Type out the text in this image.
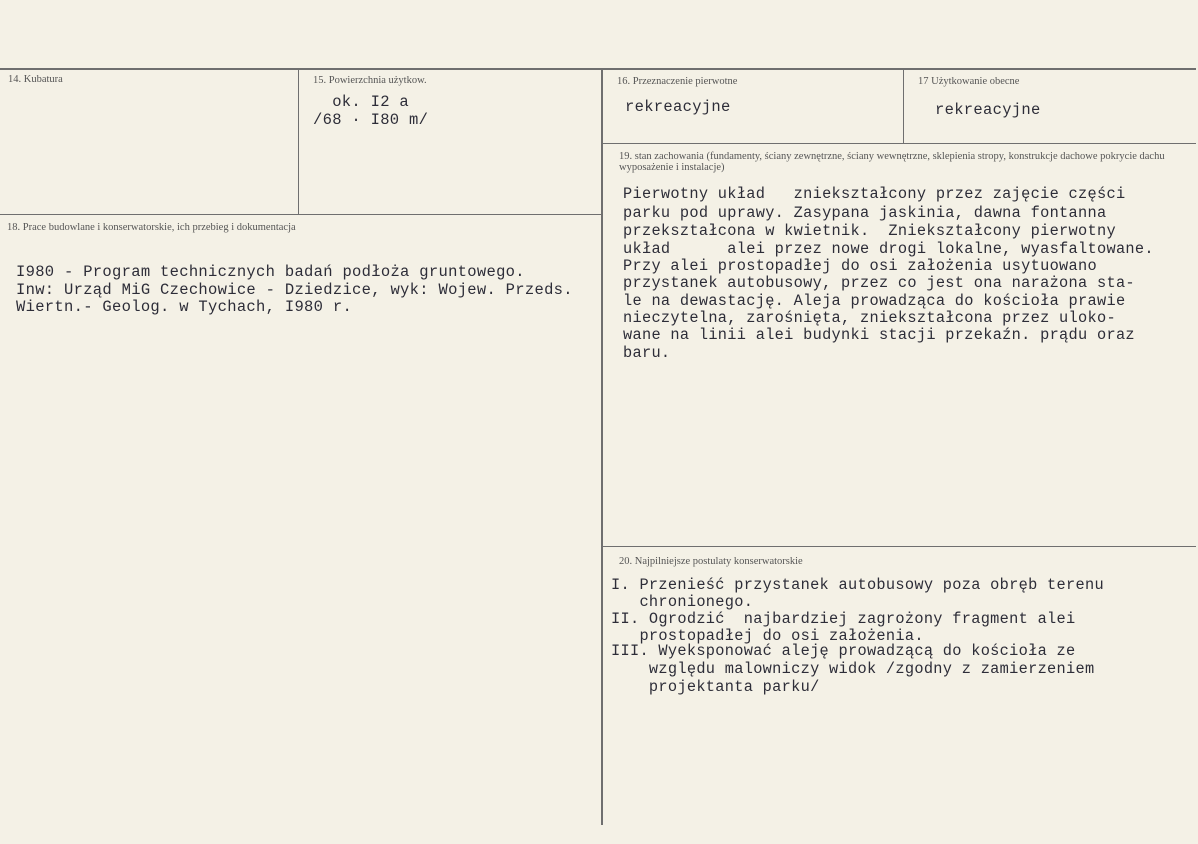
14. Kubatura	15. Powierzchnia użytkow.
ok. I2 a
/68 · I80 m/
16. Przeznaczenie pierwotne
rekreacyjne
17 Użytkowanie obecne
rekreacyjne
18. Prace budowlane i konserwatorskie, ich przebieg i dokumentacja
I980 - Program technicznych badań podłoża gruntowego.
Inw: Urząd MiG Czechowice - Dziedzice, wyk: Wojew. Przeds.
Wiertn.- Geolog. w Tychach, I980 r.
19. stan zachowania (fundamenty, ściany zewnętrzne, ściany wewnętrzne, sklepienia stropy, konstrukcje dachowe pokrycie dachu wyposażenie i instalacje)
Pierwotny układ   zniekształcony przez zajęcie części
parku pod uprawy. Zasypana jaskinia, dawna fontanna
przekształcona w kwietnik.  Zniekształcony pierwotny
układ      alei przez nowe drogi lokalne, wyasfaltowane.
Przy alei prostopadłej do osi założenia usytuowano
przystanek autobusowy, przez co jest ona narażona sta-
le na dewastację. Aleja prowadząca do kościoła prawie
nieczytelna, zarośnięta, zniekształcona przez uloko-
wane na linii alei budynki stacji przekaźn. prądu oraz
baru.
20. Najpilniejsze postulaty konserwatorskie
I. Przenieść przystanek autobusowy poza obręb terenu
chronionego.
II. Ogrodzić  najbardziej zagrożony fragment alei
prostopadłej do osi założenia.
III. Wyeksponować aleję prowadzącą do kościoła ze
względu malowniczy widok /zgodny z zamierzeniem
projektanta parku/
